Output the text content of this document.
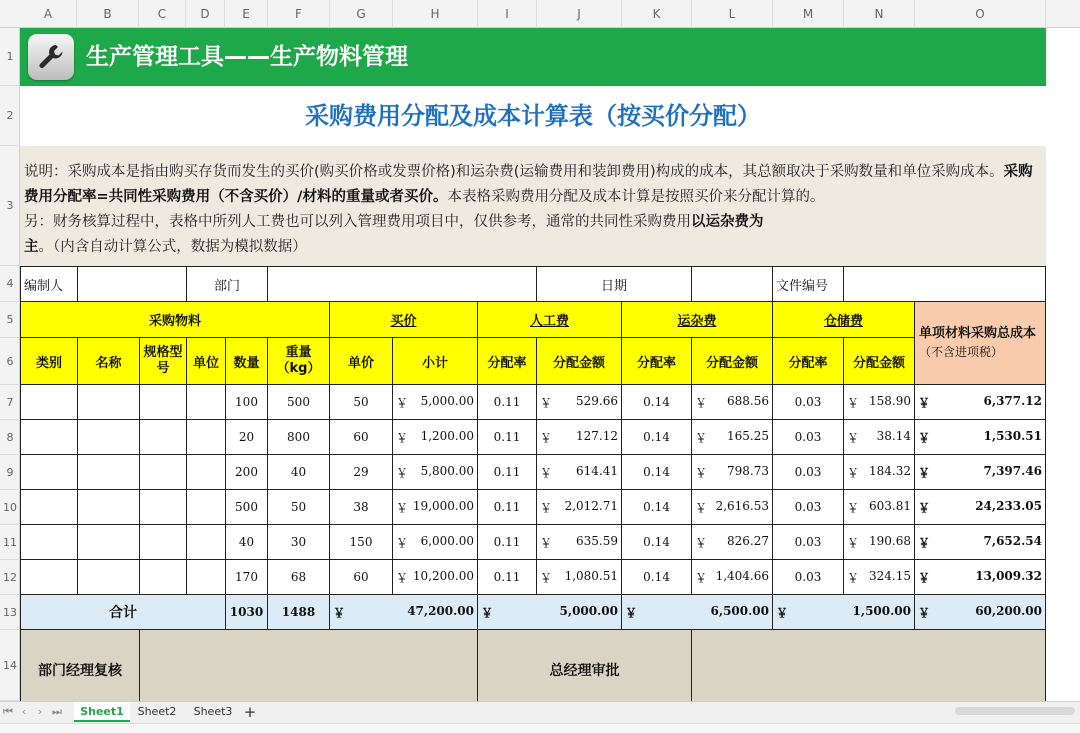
A	B	C	D	E	F	G	H	I	J	K	L	M	N	O
1
2
3
4
5
6
7
8
9
10
11
12
13
14
生产管理工具——生产物料管理
采购费用分配及成本计算表（按买价分配）
说明：采购成本是指由购买存货而发生的买价(购买价格或发票价格)和运杂费(运输费用和装卸费用)构成的成本，其总额取决于采购数量和单位采购成本。采购费用分配率=共同性采购费用（不含买价）/材料的重量或者买价。本表格采购费用分配及成本计算是按照买价来分配计算的。
另：财务核算过程中，表格中所列人工费也可以列入管理费用项目中，仅供参考，通常的共同性采购费用以运杂费为主。（内含自动计算公式，数据为模拟数据）
编制人			部门						日期			文件编号		
采购物料						买价		人工费		运杂费		仓储费		单项材料采购总成本（不含进项税）
类别	名称	规格型号	单位	数量	重量（kg）	单价	小计	分配率	分配金额	分配率	分配金额	分配率	分配金额	
				100	500	50	￥ 5,000.00	0.11	￥ 529.66	0.14	￥ 688.56	0.03	￥ 158.90	￥ 6,377.12

				20	800	60	￥ 1,200.00	0.11	￥ 127.12	0.14	￥ 165.25	0.03	￥ 38.14	￥ 1,530.51

				200	40	29	￥ 5,800.00	0.11	￥ 614.41	0.14	￥ 798.73	0.03	￥ 184.32	￥ 7,397.46

				500	50	38	￥ 19,000.00	0.11	￥ 2,012.71	0.14	￥ 2,616.53	0.03	￥ 603.81	￥ 24,233.05

				40	30	150	￥ 6,000.00	0.11	￥ 635.59	0.14	￥ 826.27	0.03	￥ 190.68	￥ 7,652.54

				170	68	60	￥ 10,200.00	0.11	￥ 1,080.51	0.14	￥ 1,404.66	0.03	￥ 324.15	￥ 13,009.32

合计				1030	1488	￥ 47,200.00		￥ 5,000.00		￥ 6,500.00		￥ 1,500.00		￥ 60,200.00

部门经理复核								总经理审批						
⏮ ‹	› ⏭	Sheet1	Sheet2	Sheet3 +
